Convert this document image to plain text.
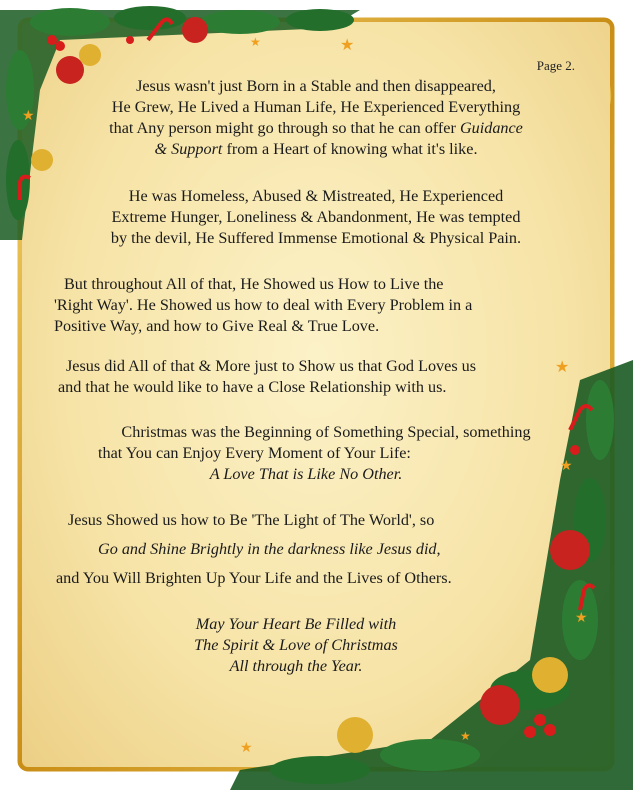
★
★
★
★
★
★
★
★
Page 2.
Jesus wasn't just Born in a Stable and then disappeared,
He Grew, He Lived a Human Life, He Experienced Everything
that Any person might go through so that he can offer Guidance
& Support from a Heart of knowing what it's like.
He was Homeless, Abused & Mistreated, He Experienced
Extreme Hunger, Loneliness & Abandonment, He was tempted
by the devil, He Suffered Immense Emotional & Physical Pain.
But throughout All of that, He Showed us How to Live the
'Right Way'. He Showed us how to deal with Every Problem in a
Positive Way, and how to Give Real & True Love.
Jesus did All of that & More just to Show us that God Loves us
and that he would like to have a Close Relationship with us.
Christmas was the Beginning of Something Special, something
that You can Enjoy Every Moment of Your Life:
A Love That is Like No Other.
Jesus Showed us how to Be 'The Light of The World', so
Go and Shine Brightly in the darkness like Jesus did,
and You Will Brighten Up Your Life and the Lives of Others.
May Your Heart Be Filled with
The Spirit & Love of Christmas
All through the Year.
